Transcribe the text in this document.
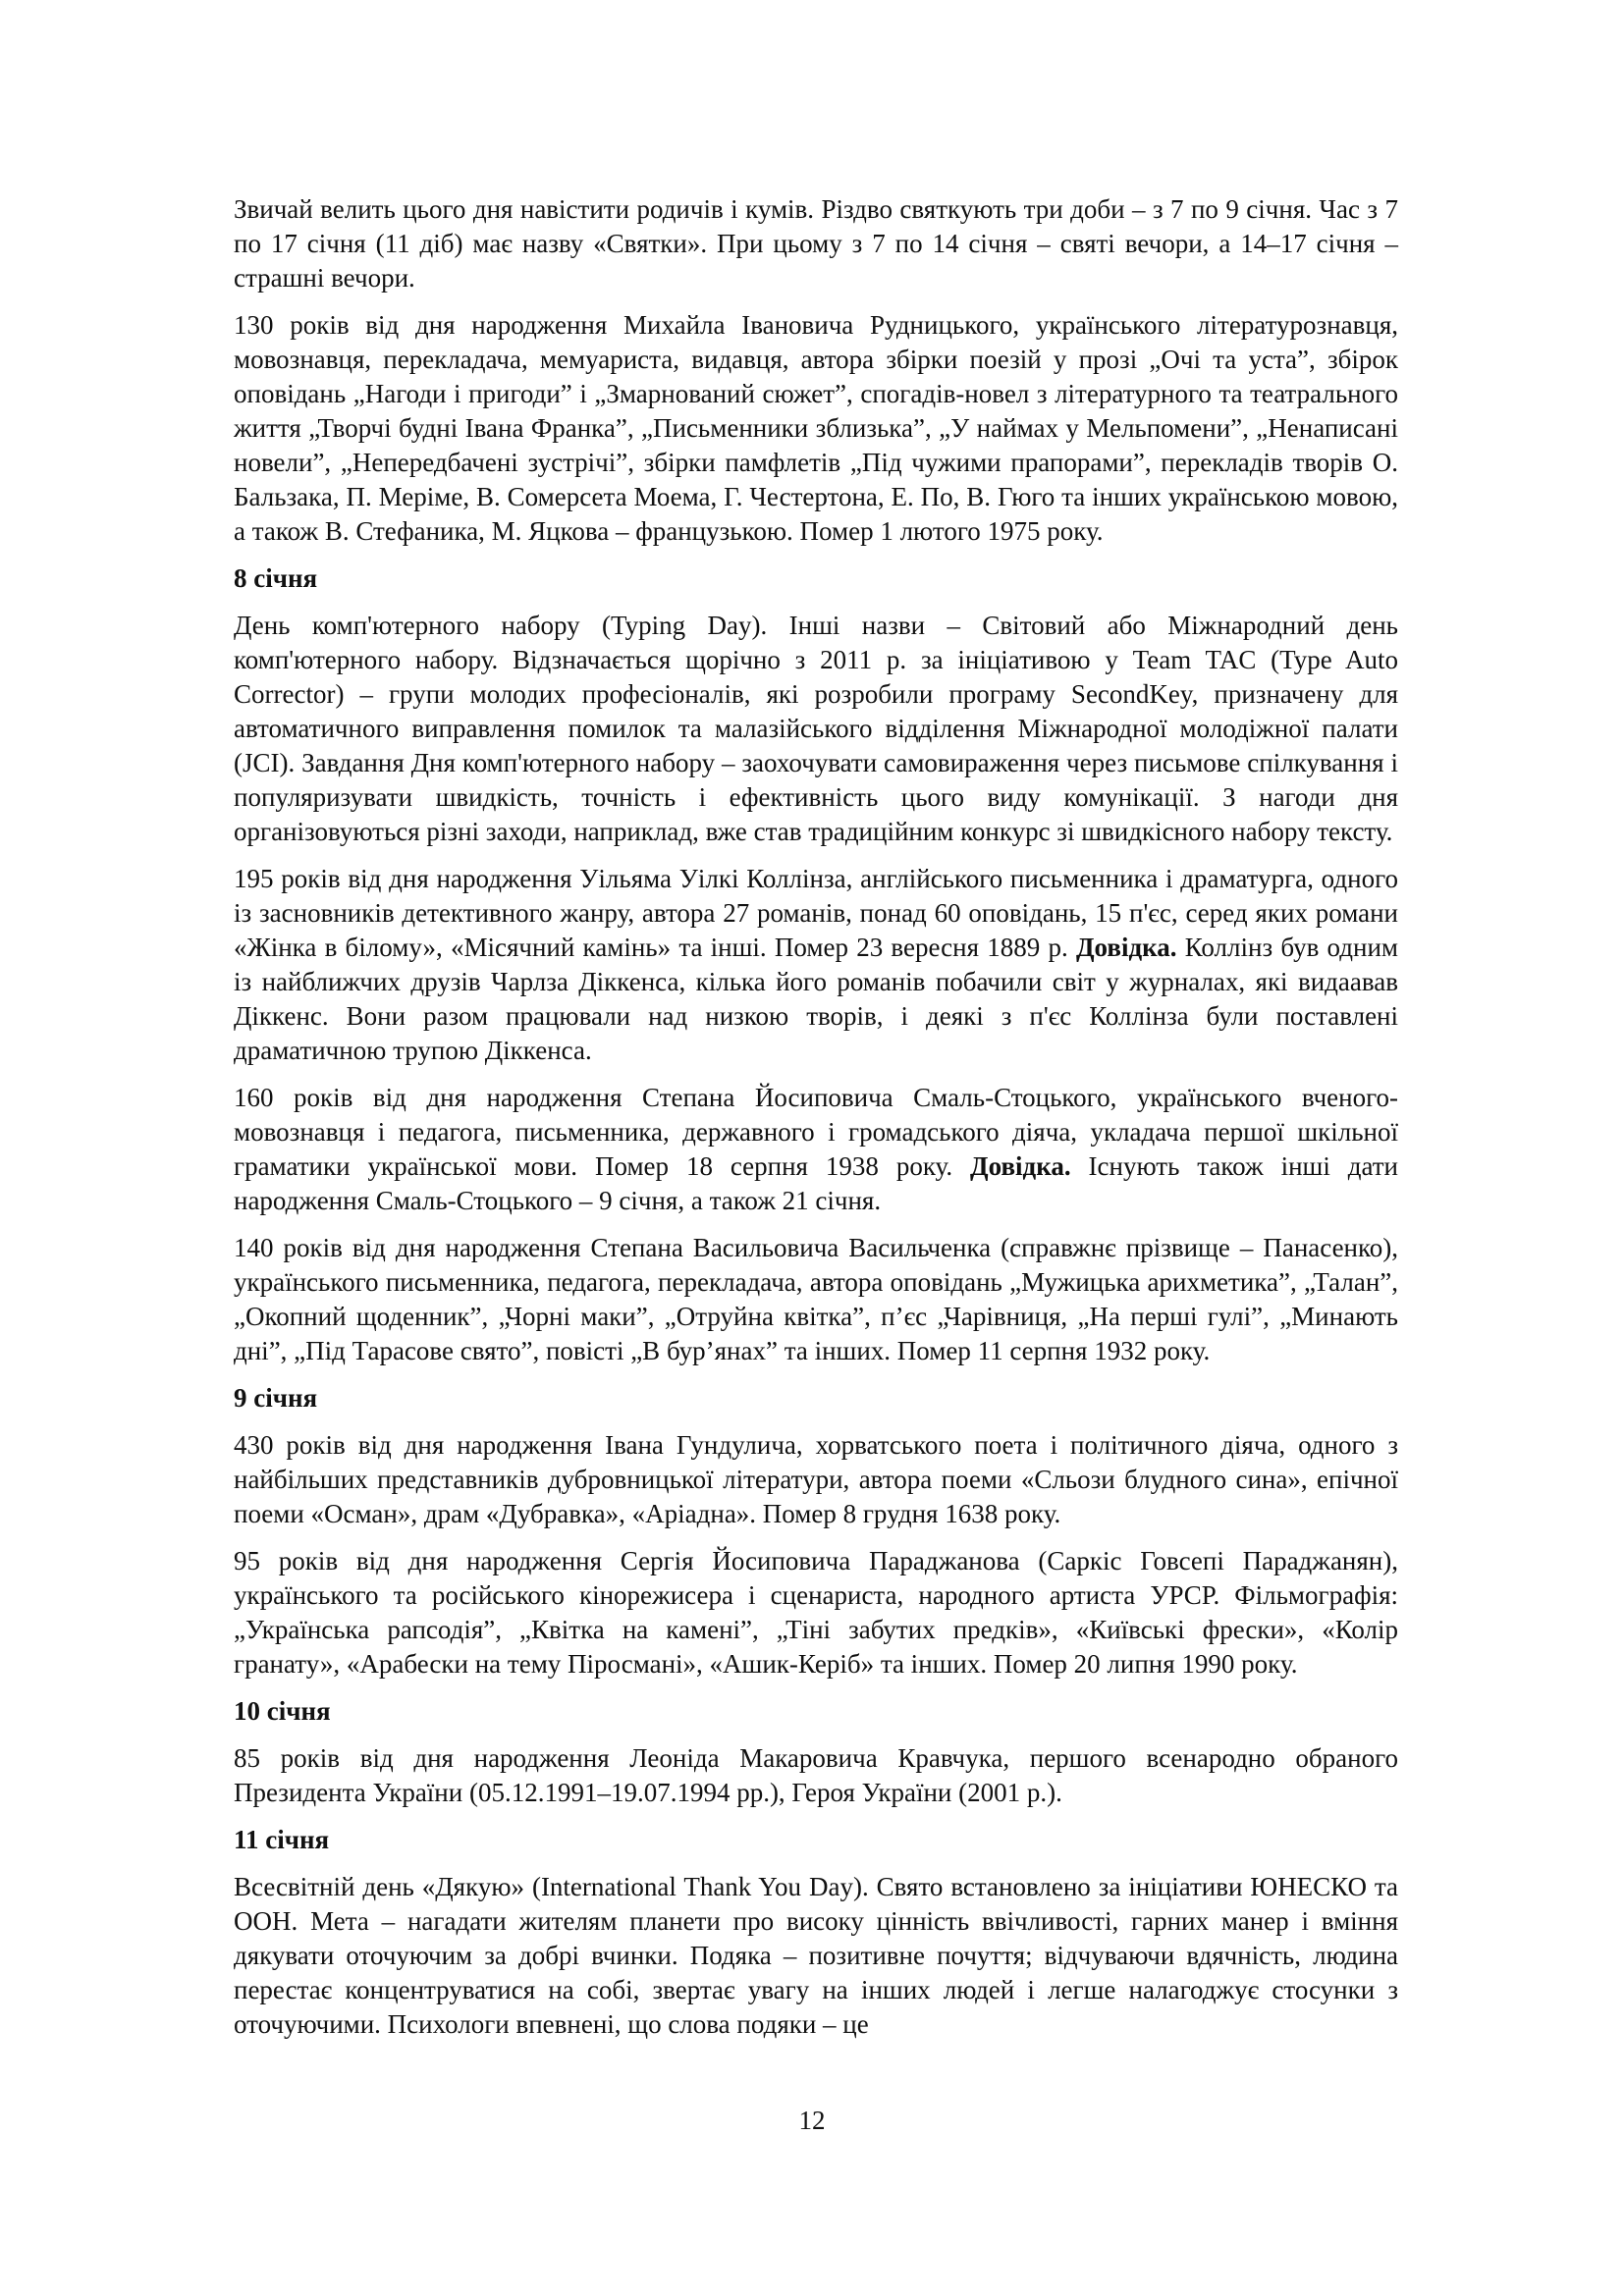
Звичай велить цього дня навістити родичів і кумів. Різдво святкують три доби – з 7 по 9 січня. Час з 7 по 17 січня (11 діб) має назву «Святки». При цьому з 7 по 14 січня – святі вечори, а 14–17 січня – страшні вечори.

130 років від дня народження Михайла Івановича Рудницького, українського літературознавця, мовознавця, перекладача, мемуариста, видавця, автора збірки поезій у прозі „Очі та уста”, збірок оповідань „Нагоди і пригоди” і „Змарнований сюжет”, спогадів-новел з літературного та театрального життя „Творчі будні Івана Франка”, „Письменники зблизька”, „У наймах у Мельпомени”, „Ненаписані новели”, „Непередбачені зустрічі”, збірки памфлетів „Під чужими прапорами”, перекладів творів О. Бальзака, П. Меріме, В. Сомерсета Моема, Г. Честертона, Е. По, В. Гюго та інших українською мовою, а також В. Стефаника, М. Яцкова – французькою. Помер 1 лютого 1975 року.

8 січня

День комп'ютерного набору (Typing Day). Інші назви – Світовий або Міжнародний день комп'ютерного набору. Відзначається щорічно з 2011 р. за ініціативою у Team TAC (Type Auto Corrector) – групи молодих професіоналів, які розробили програму SecondKey, призначену для автоматичного виправлення помилок та малазійського відділення Міжнародної молодіжної палати (JCI). Завдання Дня комп'ютерного набору – заохочувати самовираження через письмове спілкування і популяризувати швидкість, точність і ефективність цього виду комунікації. З нагоди дня організовуються різні заходи, наприклад, вже став традиційним конкурс зі швидкісного набору тексту.

195 років від дня народження Уільяма Уілкі Коллінза, англійського письменника і драматурга, одного із засновників детективного жанру, автора 27 романів, понад 60 оповідань, 15 п'єс, серед яких романи «Жінка в білому», «Місячний камінь» та інші. Помер 23 вересня 1889 р. Довідка. Коллінз був одним із найближчих друзів Чарлза Діккенса, кілька його романів побачили світ у журналах, які видаавав Діккенс. Вони разом працювали над низкою творів, і деякі з п'єс Коллінза були поставлені драматичною трупою Діккенса.

160 років від дня народження Степана Йосиповича Смаль-Стоцького, українського вченого-мовознавця і педагога, письменника, державного і громадського діяча, укладача першої шкільної граматики української мови. Помер 18 серпня 1938 року. Довідка. Існують також інші дати народження Смаль-Стоцького – 9 січня, а також 21 січня.

140 років від дня народження Степана Васильовича Васильченка (справжнє прізвище – Панасенко), українського письменника, педагога, перекладача, автора оповідань „Мужицька арихметика”, „Талан”, „Окопний щоденник”, „Чорні маки”, „Отруйна квітка”, п’єс „Чарівниця, „На перші гулі”, „Минають дні”, „Під Тарасове свято”, повісті „В бур’янах” та інших. Помер 11 серпня 1932 року.

9 січня

430 років від дня народження Івана Гундулича, хорватського поета і політичного діяча, одного з найбільших представників дубровницької літератури, автора поеми «Сльози блудного сина», епічної поеми «Осман», драм «Дубравка», «Аріадна». Помер 8 грудня 1638 року.

95 років від дня народження Сергія Йосиповича Параджанова (Саркіс Говсепі Параджанян), українського та російського кінорежисера і сценариста, народного артиста УРСР. Фільмографія: „Українська рапсодія”, „Квітка на камені”, „Тіні забутих предків», «Київські фрески», «Колір гранату», «Арабески на тему Піросмані», «Ашик-Керіб» та інших. Помер 20 липня 1990 року.

10 січня

85 років від дня народження Леоніда Макаровича Кравчука, першого всенародно обраного Президента України (05.12.1991–19.07.1994 рр.), Героя України (2001 р.).

11 січня

Всесвітній день «Дякую» (International Thank You Day). Свято встановлено за ініціативи ЮНЕСКО та ООН. Мета – нагадати жителям планети про високу цінність ввічливості, гарних манер і вміння дякувати оточуючим за добрі вчинки. Подяка – позитивне почуття; відчуваючи вдячність, людина перестає концентруватися на собі, звертає увагу на інших людей і легше налагоджує стосунки з оточуючими. Психологи впевнені, що слова подяки – це

12
